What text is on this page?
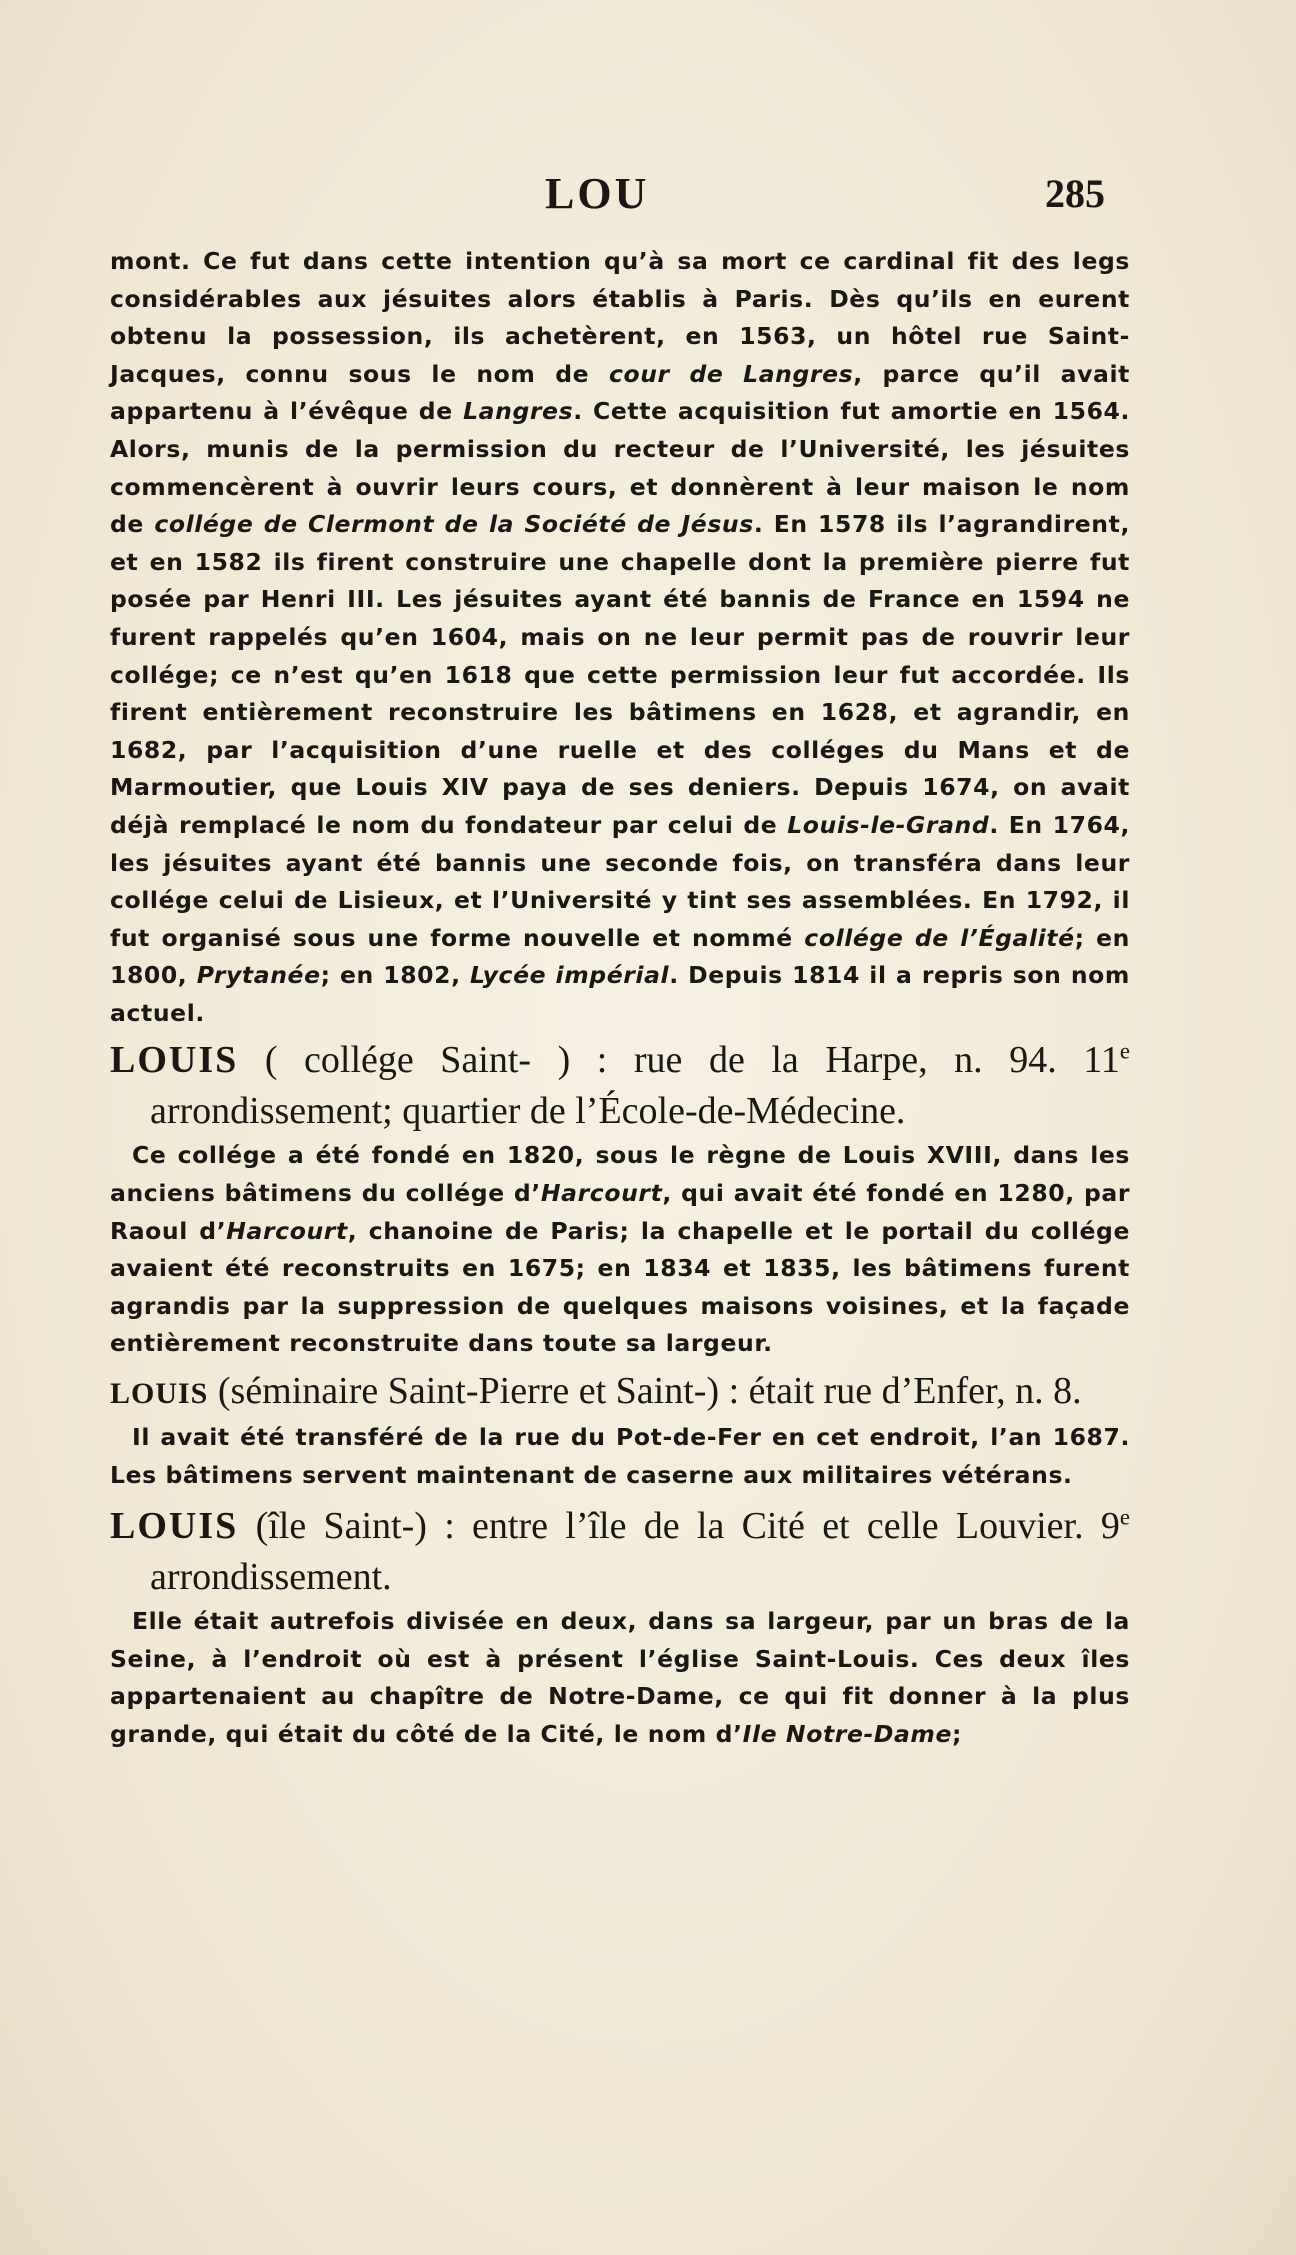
LOU	285

mont. Ce fut dans cette intention qu’à sa mort ce cardinal fit des legs considérables aux jésuites alors établis à Paris. Dès qu’ils en eurent obtenu la possession, ils achetèrent, en 1563, un hôtel rue Saint-Jacques, connu sous le nom de cour de Langres, parce qu’il avait appartenu à l’évêque de Langres. Cette acquisition fut amortie en 1564. Alors, munis de la permission du recteur de l’Université, les jésuites commencèrent à ouvrir leurs cours, et donnèrent à leur maison le nom de collége de Clermont de la Société de Jésus. En 1578 ils l’agrandirent, et en 1582 ils firent construire une chapelle dont la première pierre fut posée par Henri III. Les jésuites ayant été bannis de France en 1594 ne furent rappelés qu’en 1604, mais on ne leur permit pas de rouvrir leur collége; ce n’est qu’en 1618 que cette permission leur fut accordée. Ils firent entièrement reconstruire les bâtimens en 1628, et agrandir, en 1682, par l’acquisition d’une ruelle et des colléges du Mans et de Marmoutier, que Louis XIV paya de ses deniers. Depuis 1674, on avait déjà remplacé le nom du fondateur par celui de Louis-le-Grand. En 1764, les jésuites ayant été bannis une seconde fois, on transféra dans leur collége celui de Lisieux, et l’Université y tint ses assemblées. En 1792, il fut organisé sous une forme nouvelle et nommé collége de l’Égalité; en 1800, Prytanée; en 1802, Lycée impérial. Depuis 1814 il a repris son nom actuel.

LOUIS ( collége Saint- ) : rue de la Harpe, n. 94. 11e arrondissement; quartier de l’École-de-Médecine.

Ce collége a été fondé en 1820, sous le règne de Louis XVIII, dans les anciens bâtimens du collége d’Harcourt, qui avait été fondé en 1280, par Raoul d’Harcourt, chanoine de Paris; la chapelle et le portail du collége avaient été reconstruits en 1675; en 1834 et 1835, les bâtimens furent agrandis par la suppression de quelques maisons voisines, et la façade entièrement reconstruite dans toute sa largeur.

LOUIS (séminaire Saint-Pierre et Saint-) : était rue d’Enfer, n. 8.

Il avait été transféré de la rue du Pot-de-Fer en cet endroit, l’an 1687. Les bâtimens servent maintenant de caserne aux militaires vétérans.

LOUIS (île Saint-) : entre l’île de la Cité et celle Louvier. 9e arrondissement.

Elle était autrefois divisée en deux, dans sa largeur, par un bras de la Seine, à l’endroit où est à présent l’église Saint-Louis. Ces deux îles appartenaient au chapître de Notre-Dame, ce qui fit donner à la plus grande, qui était du côté de la Cité, le nom d’Ile Notre-Dame;
